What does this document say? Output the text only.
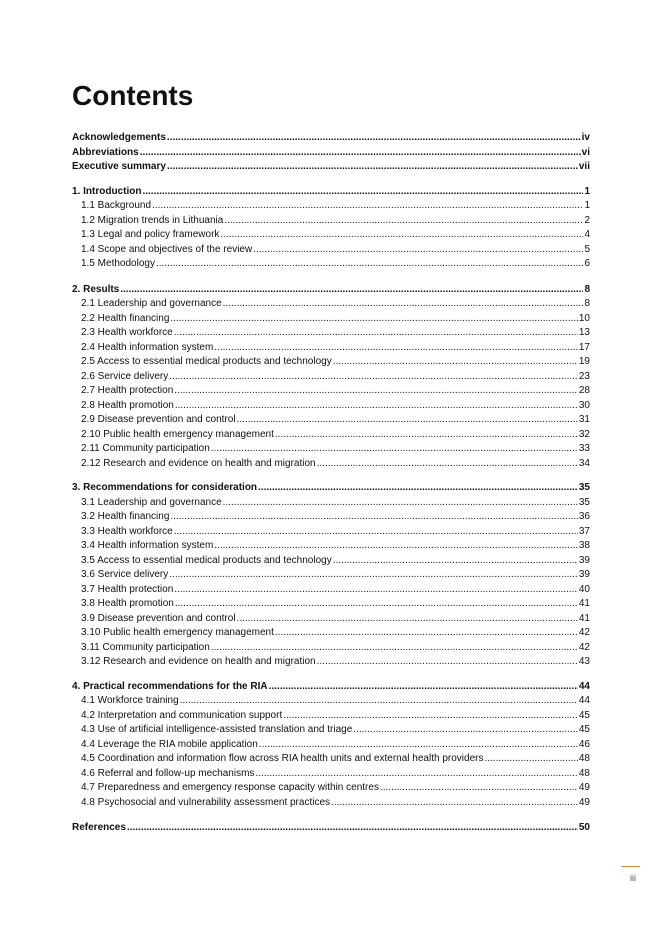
Contents
Acknowledgements .....	iv
Abbreviations .....	vi
Executive summary .....	vii
1. Introduction .....	1
1.1 Background .....	1
1.2 Migration trends in Lithuania .....	2
1.3 Legal and policy framework .....	4
1.4 Scope and objectives of the review .....	5
1.5 Methodology .....	6
2. Results .....	8
2.1 Leadership and governance .....	8
2.2 Health financing .....	10
2.3 Health workforce .....	13
2.4 Health information system .....	17
2.5 Access to essential medical products and technology .....	19
2.6 Service delivery .....	23
2.7 Health protection .....	28
2.8 Health promotion .....	30
2.9 Disease prevention and control .....	31
2.10 Public health emergency management .....	32
2.11 Community participation .....	33
2.12 Research and evidence on health and migration .....	34
3. Recommendations for consideration .....	35
3.1 Leadership and governance .....	35
3.2 Health financing .....	36
3.3 Health workforce .....	37
3.4 Health information system .....	38
3.5 Access to essential medical products and technology .....	39
3.6 Service delivery .....	39
3.7 Health protection .....	40
3.8 Health promotion .....	41
3.9 Disease prevention and control .....	41
3.10 Public health emergency management .....	42
3.11 Community participation .....	42
3.12 Research and evidence on health and migration .....	43
4. Practical recommendations for the RIA .....	44
4.1 Workforce training .....	44
4.2 Interpretation and communication support .....	45
4.3 Use of artificial intelligence-assisted translation and triage .....	45
4.4 Leverage the RIA mobile application .....	46
4.5 Coordination and information flow across RIA health units and external health providers .....	48
4.6 Referral and follow-up mechanisms .....	48
4.7 Preparedness and emergency response capacity within centres .....	49
4.8 Psychosocial and vulnerability assessment practices .....	49
References .....	50
iii
